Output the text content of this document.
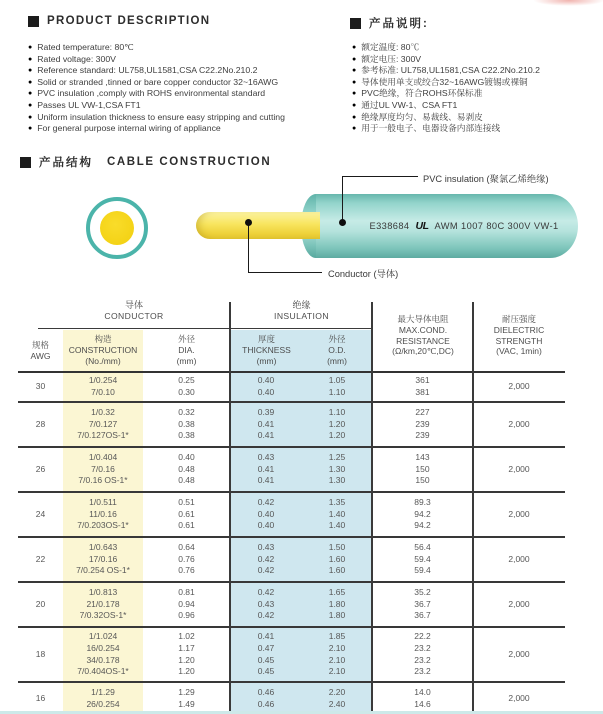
PRODUCT DESCRIPTION
● Rated temperature: 80℃
● Rated voltage: 300V
● Reference standard: UL758,UL1581,CSA C22.2No.210.2
● Solid or stranded ,tinned or bare copper conductor 32~16AWG
● PVC insulation ,comply with ROHS environmental standard
● Passes UL VW-1,CSA FT1
● Uniform insulation thickness to ensure easy stripping and cutting
● For general purpose internal wiring of appliance
产品说明:
● 额定温度: 80℃
● 额定电压: 300V
● 参考标准: UL758,UL1581,CSA C22.2No.210.2
● 导体使用单支或绞合32~16AWG镀锡或裸铜
● PVC绝缘，符合ROHS环保标准
● 通过UL VW-1、CSA FT1
● 绝缘厚度均匀、易裁线、易剥皮
● 用于一般电子、电器设备内部连接线
产品结构 CABLE CONSTRUCTION
E338684 UL AWM 1007 80C 300V VW-1
PVC insulation (聚氯乙烯绝缘)
Conductor (导体)
导体
CONDUCTOR
绝缘
INSULATION
规格
AWG
构造
CONSTRUCTION
(No./mm)
外径
DIA.
(mm)
厚度
THICKNESS
(mm)
外径
O.D.
(mm)
最大导体电阻
MAX.COND.
RESISTANCE
(Ω/km,20℃,DC)
耐压强度
DIELECTRIC
STRENGTH
(VAC, 1min)
30
1/0.254
7/0.10
0.25
0.30
0.40
0.40
1.05
1.10
361
381
2,000
28
1/0.32
7/0.127
7/0.127OS-1*
0.32
0.38
0.38
0.39
0.41
0.41
1.10
1.20
1.20
227
239
239
2,000
26
1/0.404
7/0.16
7/0.16 OS-1*
0.40
0.48
0.48
0.43
0.41
0.41
1.25
1.30
1.30
143
150
150
2,000
24
1/0.511
11/0.16
7/0.203OS-1*
0.51
0.61
0.61
0.42
0.40
0.40
1.35
1.40
1.40
89.3
94.2
94.2
2,000
22
1/0.643
17/0.16
7/0.254 OS-1*
0.64
0.76
0.76
0.43
0.42
0.42
1.50
1.60
1.60
56.4
59.4
59.4
2,000
20
1/0.813
21/0.178
7/0.32OS-1*
0.81
0.94
0.96
0.42
0.43
0.42
1.65
1.80
1.80
35.2
36.7
36.7
2,000
18
1/1.024
16/0.254
34/0.178
7/0.404OS-1*
1.02
1.17
1.20
1.20
0.41
0.47
0.45
0.45
1.85
2.10
2.10
2.10
22.2
23.2
23.2
23.2
2,000
16
1/1.29
26/0.254
1.29
1.49
0.46
0.46
2.20
2.40
14.0
14.6
2,000
